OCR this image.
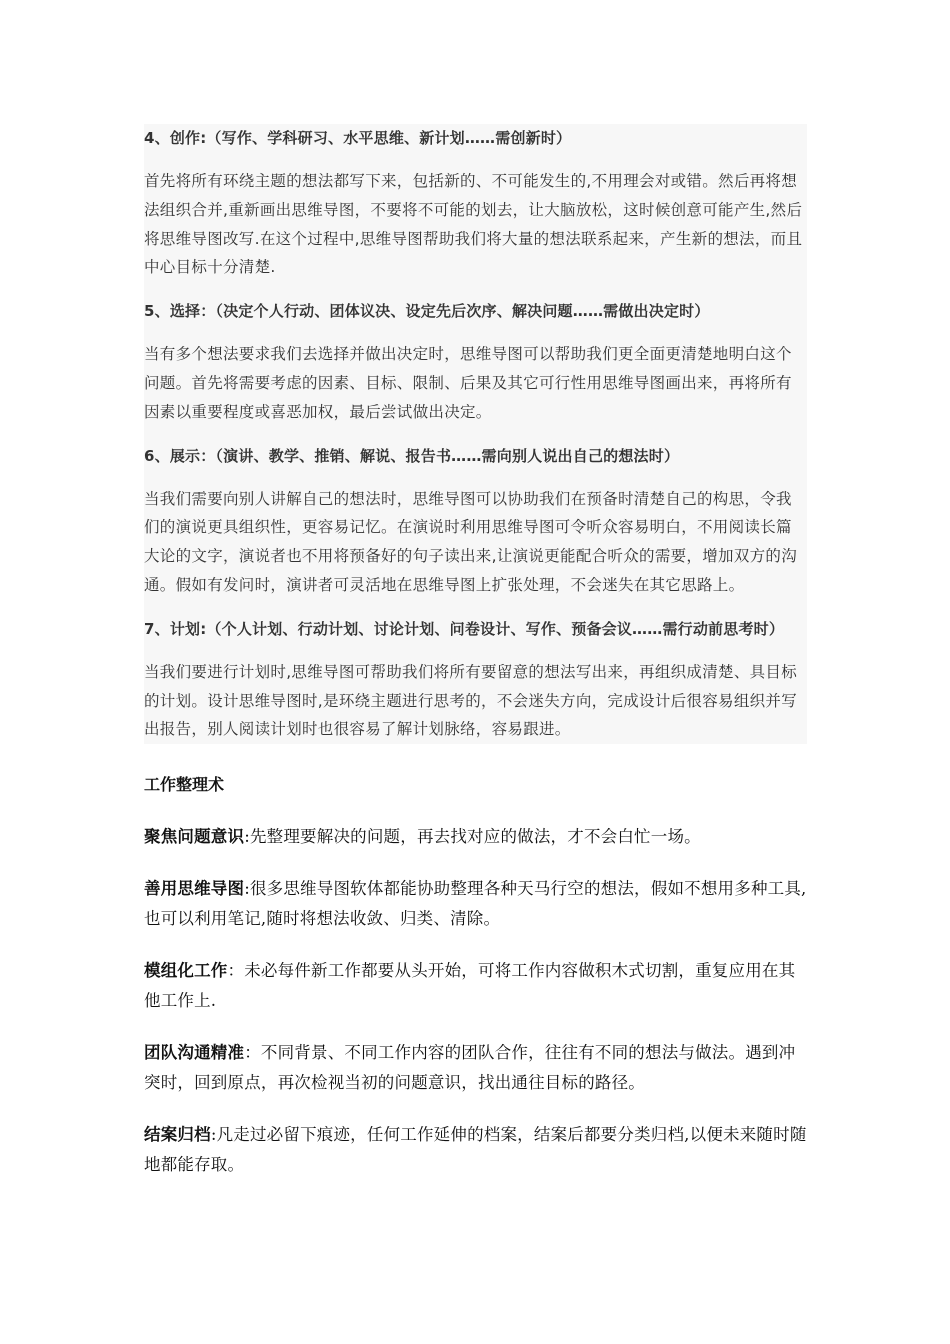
4、创作:（写作、学科研习、水平思维、新计划……需创新时）

首先将所有环绕主题的想法都写下来，包括新的、不可能发生的,不用理会对或错。然后再将想法组织合并,重新画出思维导图，不要将不可能的划去，让大脑放松，这时候创意可能产生,然后将思维导图改写.在这个过程中,思维导图帮助我们将大量的想法联系起来，产生新的想法，而且中心目标十分清楚.

5、选择：（决定个人行动、团体议决、设定先后次序、解决问题……需做出决定时）

当有多个想法要求我们去选择并做出决定时，思维导图可以帮助我们更全面更清楚地明白这个问题。首先将需要考虑的因素、目标、限制、后果及其它可行性用思维导图画出来，再将所有因素以重要程度或喜恶加权，最后尝试做出决定。

6、展示：（演讲、教学、推销、解说、报告书……需向别人说出自己的想法时）

当我们需要向别人讲解自己的想法时，思维导图可以协助我们在预备时清楚自己的构思，令我们的演说更具组织性，更容易记忆。在演说时利用思维导图可令听众容易明白，不用阅读长篇大论的文字，演说者也不用将预备好的句子读出来,让演说更能配合听众的需要，增加双方的沟通。假如有发问时，演讲者可灵活地在思维导图上扩张处理，不会迷失在其它思路上。

7、计划:（个人计划、行动计划、讨论计划、问卷设计、写作、预备会议……需行动前思考时）

当我们要进行计划时,思维导图可帮助我们将所有要留意的想法写出来，再组织成清楚、具目标的计划。设计思维导图时,是环绕主题进行思考的，不会迷失方向，完成设计后很容易组织并写出报告，别人阅读计划时也很容易了解计划脉络，容易跟进。

工作整理术

聚焦问题意识:先整理要解决的问题，再去找对应的做法，才不会白忙一场。

善用思维导图:很多思维导图软体都能协助整理各种天马行空的想法，假如不想用多种工具,也可以利用笔记,随时将想法收敛、归类、清除。

模组化工作：未必每件新工作都要从头开始，可将工作内容做积木式切割，重复应用在其他工作上.

团队沟通精准：不同背景、不同工作内容的团队合作，往往有不同的想法与做法。遇到冲突时，回到原点，再次检视当初的问题意识，找出通往目标的路径。

结案归档:凡走过必留下痕迹，任何工作延伸的档案，结案后都要分类归档,以便未来随时随地都能存取。
